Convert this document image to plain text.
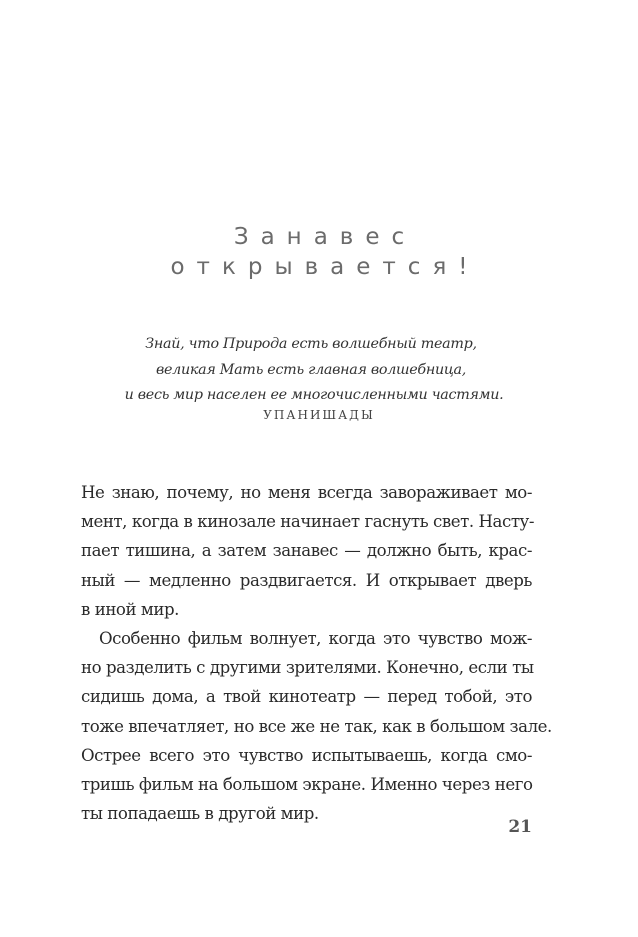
Занавес
открывается!
Знай, что Природа есть волшебный театр,
великая Мать есть главная волшебница,
и весь мир населен ее многочисленными частями.
УПАНИШАДЫ
Не знаю, почему, но меня всегда завораживает мо-
мент, когда в кинозале начинает гаснуть свет. Насту-
пает тишина, а затем занавес — должно быть, крас-
ный — медленно раздвигается. И открывает дверь
в иной мир.
Особенно фильм волнует, когда это чувство мож-
но разделить с другими зрителями. Конечно, если ты
сидишь дома, а твой кинотеатр — перед тобой, это
тоже впечатляет, но все же не так, как в большом зале.
Острее всего это чувство испытываешь, когда смо-
тришь фильм на большом экране. Именно через него
ты попадаешь в другой мир.
21
